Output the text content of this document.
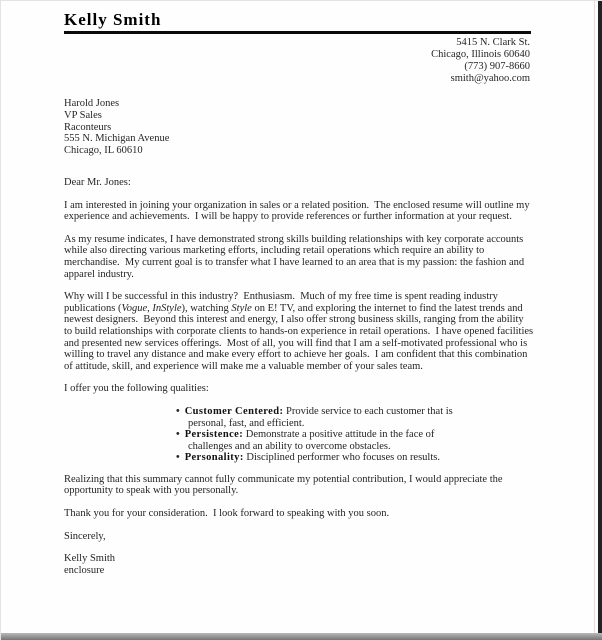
Kelly Smith
5415 N. Clark St.
Chicago, Illinois 60640
(773) 907-8660
smith@yahoo.com
Harold Jones
VP Sales
Raconteurs
555 N. Michigan Avenue
Chicago, IL 60610

Dear Mr. Jones:

I am interested in joining your organization in sales or a related position.  The enclosed resume will outline my experience and achievements.  I will be happy to provide references or further information at your request.

As my resume indicates, I have demonstrated strong skills building relationships with key corporate accounts while also directing various marketing efforts, including retail operations which require an ability to merchandise.  My current goal is to transfer what I have learned to an area that is my passion: the fashion and apparel industry.

Why will I be successful in this industry?  Enthusiasm.  Much of my free time is spent reading industry publications (Vogue, InStyle), watching Style on E! TV, and exploring the internet to find the latest trends and newest designers.  Beyond this interest and energy, I also offer strong business skills, ranging from the ability to build relationships with corporate clients to hands-on experience in retail operations.  I have opened facilities and presented new services offerings.  Most of all, you will find that I am a self-motivated professional who is willing to travel any distance and make every effort to achieve her goals.  I am confident that this combination of attitude, skill, and experience will make me a valuable member of your sales team.

I offer you the following qualities:

• Customer Centered: Provide service to each customer that is personal, fast, and efficient.
• Persistence: Demonstrate a positive attitude in the face of challenges and an ability to overcome obstacles.
• Personality: Disciplined performer who focuses on results.

Realizing that this summary cannot fully communicate my potential contribution, I would appreciate the opportunity to speak with you personally.

Thank you for your consideration.  I look forward to speaking with you soon.

Sincerely,

Kelly Smith
enclosure
